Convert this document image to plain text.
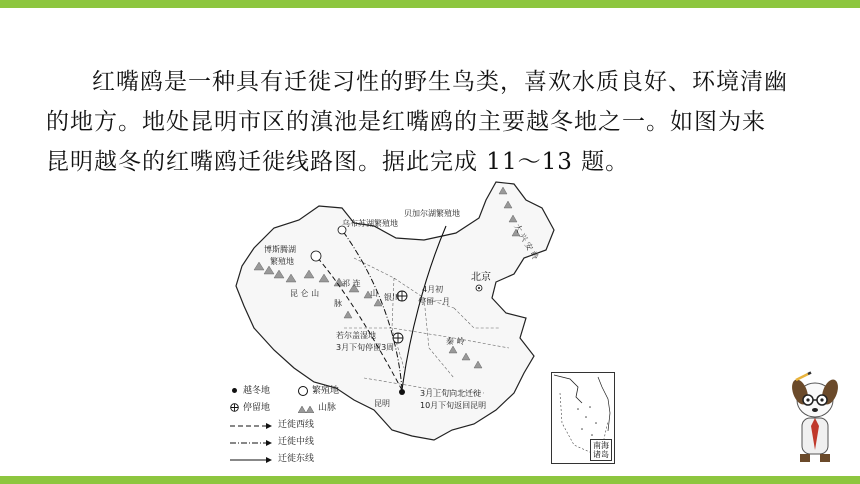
红嘴鸥是一种具有迁徙习性的野生鸟类，喜欢水质良好、环境清幽

的地方。地处昆明市区的滇池是红嘴鸥的主要越冬地之一。如图为来
昆明越冬的红嘴鸥迁徙线路图。据此完成 11～13 题。
贝加尔湖繁殖地
乌布苏湖繁殖地
博斯腾湖
繁殖地
北京
银川
4月初
停留一月
若尔盖湿地
3月下旬停留3周
昆明
3月上旬向北迁徙
10月下旬返回昆明
昆 仑 山
脉
大 兴 安 岭
祁 连
山
秦 岭
越冬地	繁殖地
停留地	山脉
迁徙西线
迁徙中线
迁徙东线
南海诸岛
